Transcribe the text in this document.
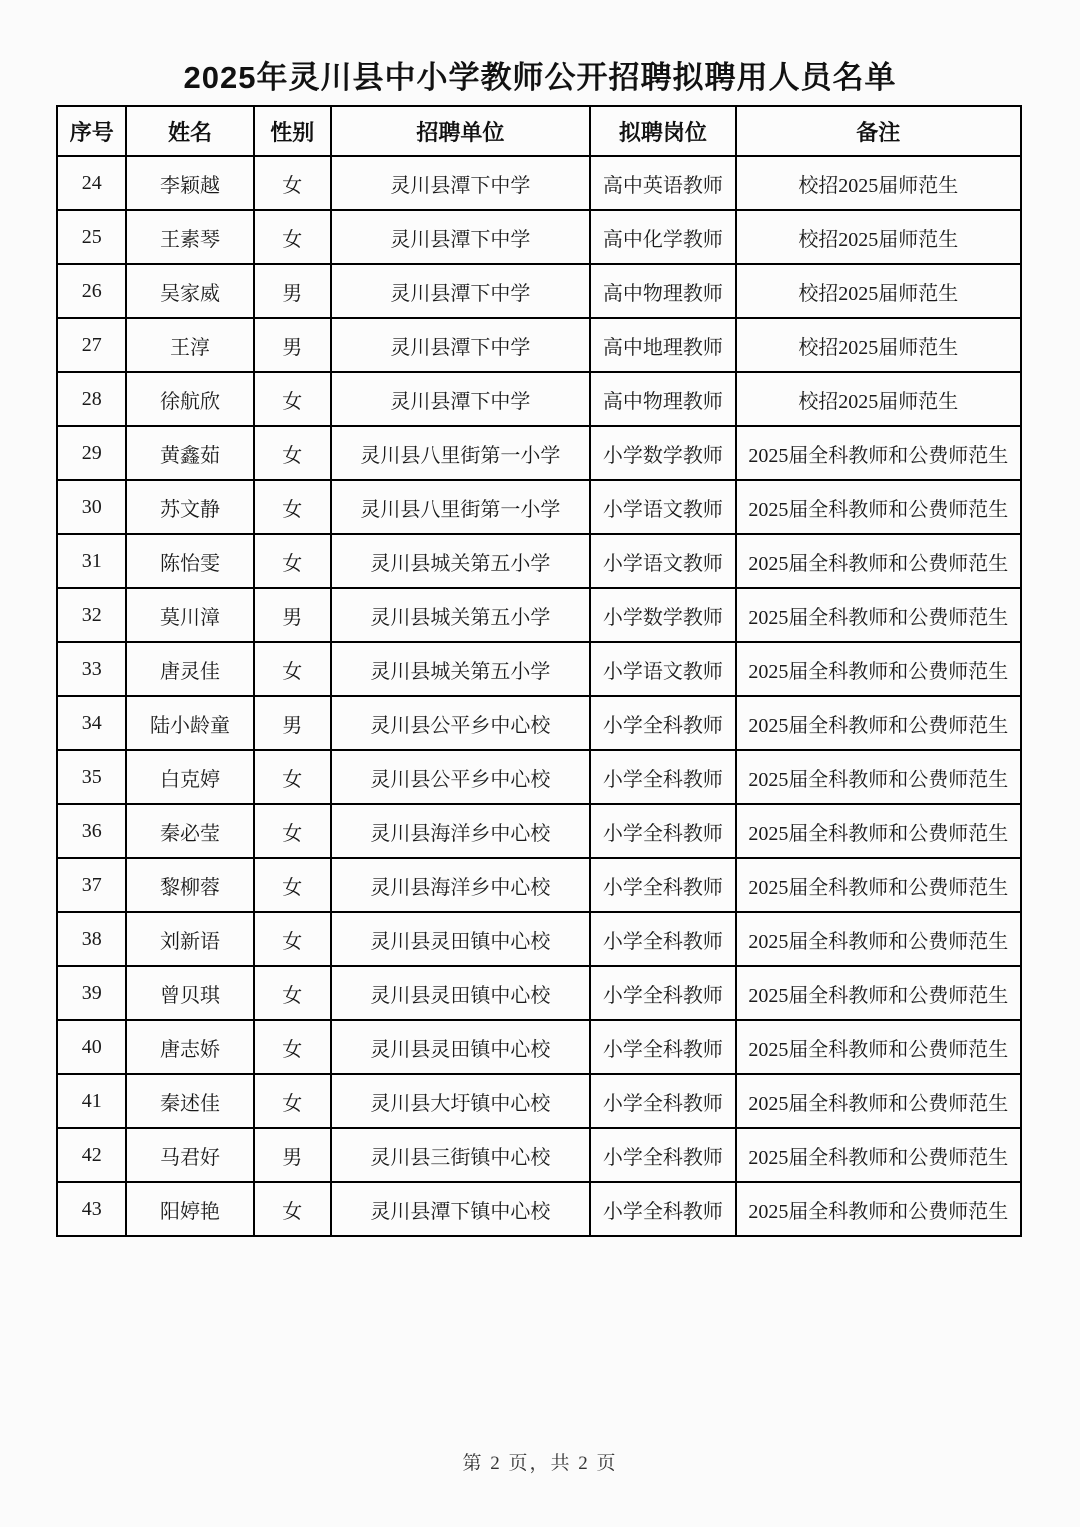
2025年灵川县中小学教师公开招聘拟聘用人员名单
序号	姓名	性别	招聘单位	拟聘岗位	备注
24	李颖越	女	灵川县潭下中学	高中英语教师	校招2025届师范生
25	王素琴	女	灵川县潭下中学	高中化学教师	校招2025届师范生
26	吴家威	男	灵川县潭下中学	高中物理教师	校招2025届师范生
27	王淳	男	灵川县潭下中学	高中地理教师	校招2025届师范生
28	徐航欣	女	灵川县潭下中学	高中物理教师	校招2025届师范生
29	黄鑫茹	女	灵川县八里街第一小学	小学数学教师	2025届全科教师和公费师范生
30	苏文静	女	灵川县八里街第一小学	小学语文教师	2025届全科教师和公费师范生
31	陈怡雯	女	灵川县城关第五小学	小学语文教师	2025届全科教师和公费师范生
32	莫川漳	男	灵川县城关第五小学	小学数学教师	2025届全科教师和公费师范生
33	唐灵佳	女	灵川县城关第五小学	小学语文教师	2025届全科教师和公费师范生
34	陆小龄童	男	灵川县公平乡中心校	小学全科教师	2025届全科教师和公费师范生
35	白克婷	女	灵川县公平乡中心校	小学全科教师	2025届全科教师和公费师范生
36	秦必莹	女	灵川县海洋乡中心校	小学全科教师	2025届全科教师和公费师范生
37	黎柳蓉	女	灵川县海洋乡中心校	小学全科教师	2025届全科教师和公费师范生
38	刘新语	女	灵川县灵田镇中心校	小学全科教师	2025届全科教师和公费师范生
39	曾贝琪	女	灵川县灵田镇中心校	小学全科教师	2025届全科教师和公费师范生
40	唐志娇	女	灵川县灵田镇中心校	小学全科教师	2025届全科教师和公费师范生
41	秦述佳	女	灵川县大圩镇中心校	小学全科教师	2025届全科教师和公费师范生
42	马君好	男	灵川县三街镇中心校	小学全科教师	2025届全科教师和公费师范生
43	阳婷艳	女	灵川县潭下镇中心校	小学全科教师	2025届全科教师和公费师范生
第 2 页，共 2 页
